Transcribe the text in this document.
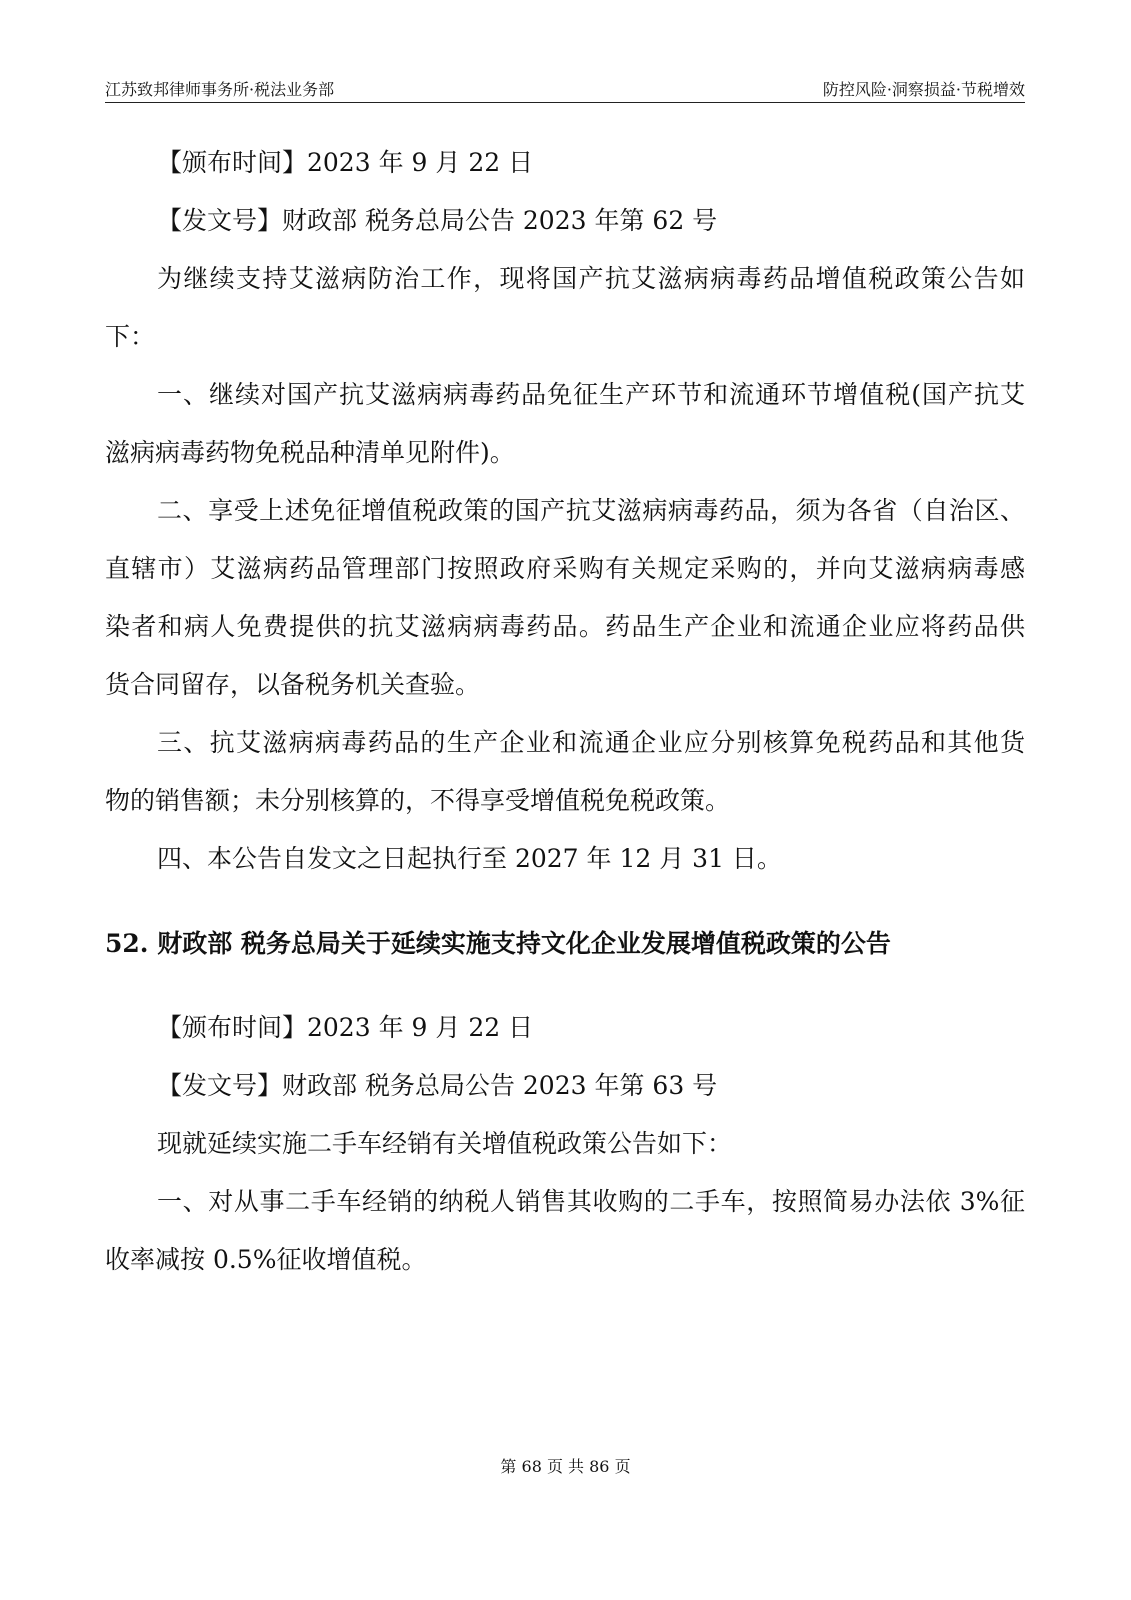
江苏致邦律师事务所·税法业务部	防控风险·洞察损益·节税增效
【颁布时间】2023 年 9 月 22 日
【发文号】财政部 税务总局公告 2023 年第 62 号
为继续支持艾滋病防治工作，现将国产抗艾滋病病毒药品增值税政策公告如
下：
一、继续对国产抗艾滋病病毒药品免征生产环节和流通环节增值税(国产抗艾
滋病病毒药物免税品种清单见附件)。
二、享受上述免征增值税政策的国产抗艾滋病病毒药品，须为各省（自治区、
直辖市）艾滋病药品管理部门按照政府采购有关规定采购的，并向艾滋病病毒感
染者和病人免费提供的抗艾滋病病毒药品。药品生产企业和流通企业应将药品供
货合同留存，以备税务机关查验。
三、抗艾滋病病毒药品的生产企业和流通企业应分别核算免税药品和其他货
物的销售额；未分别核算的，不得享受增值税免税政策。
四、本公告自发文之日起执行至 2027 年 12 月 31 日。
52. 财政部 税务总局关于延续实施支持文化企业发展增值税政策的公告
【颁布时间】2023 年 9 月 22 日
【发文号】财政部 税务总局公告 2023 年第 63 号
现就延续实施二手车经销有关增值税政策公告如下：
一、对从事二手车经销的纳税人销售其收购的二手车，按照简易办法依 3%征
收率减按 0.5%征收增值税。
第 68 页 共 86 页
